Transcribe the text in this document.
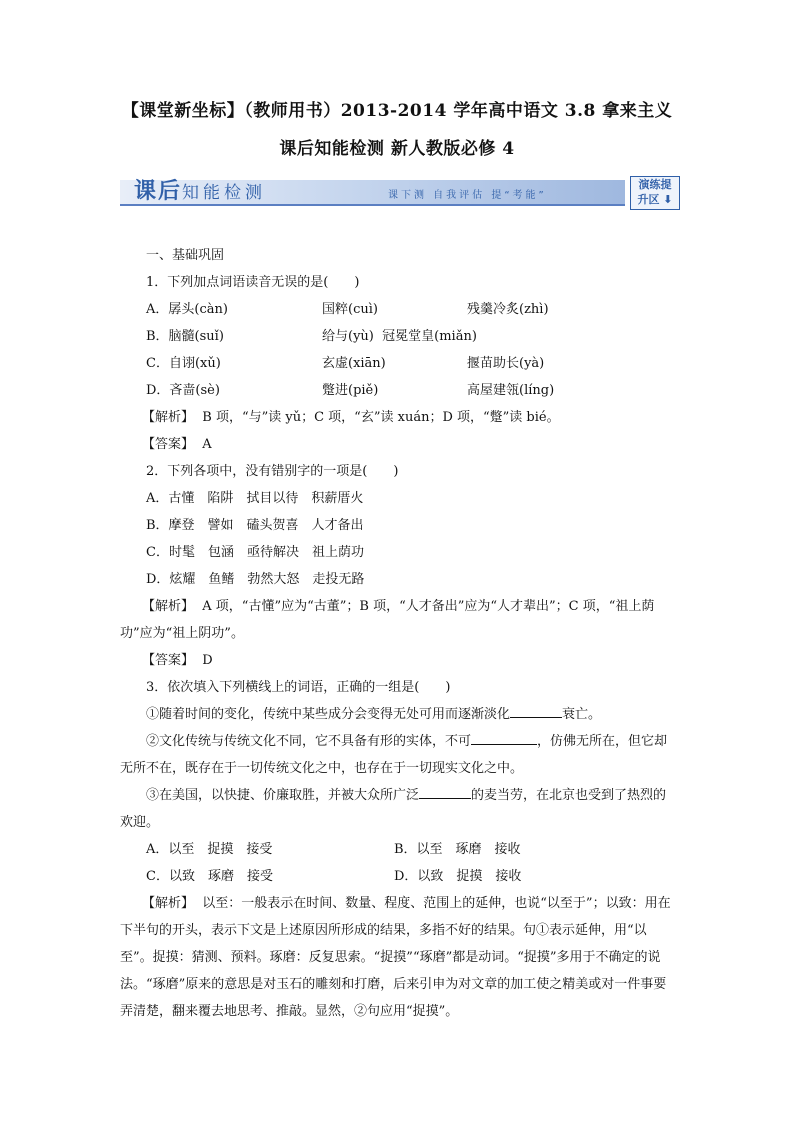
【课堂新坐标】（教师用书）2013-2014 学年高中语文 3.8 拿来主义
课后知能检测 新人教版必修 4
课后知能检测	课下测 自我评估 提“考能”
演练提
升区 ⬇
一、基础巩固
1．下列加点词语读音无误的是(　　)
A．孱头(càn)	国粹(cuì)	残羹冷炙(zhì)
B．脑髓(suǐ)	给与(yù) 冠冕堂皇(miǎn)
C．自诩(xǔ)	玄虚(xiān)	揠苗助长(yà)
D．吝啬(sè)	蹩进(piě)	高屋建瓴(líng)
【解析】 B 项，“与”读 yǔ；C 项，“玄”读 xuán；D 项，“蹩”读 bié。
【答案】 A
2．下列各项中，没有错别字的一项是(　　)
A．古懂　陷阱　拭目以待　积薪厝火
B．摩登　譬如　磕头贺喜　人才备出
C．时髦　包涵　亟待解决　祖上荫功
D．炫耀　鱼鳍　勃然大怒　走投无路
【解析】 A 项，“古懂”应为“古董”；B 项，“人才备出”应为“人才辈出”；C 项，“祖上荫功”应为“祖上阴功”。
【答案】 D
3．依次填入下列横线上的词语，正确的一组是(　　)
①随着时间的变化，传统中某些成分会变得无处可用而逐渐淡化	衰亡。
②文化传统与传统文化不同，它不具备有形的实体，不可	，仿佛无所在，但它却无所不在，既存在于一切传统文化之中，也存在于一切现实文化之中。
③在美国，以快捷、价廉取胜，并被大众所广泛	的麦当劳，在北京也受到了热烈的欢迎。
A．以至　捉摸　接受	B．以至　琢磨　接收
C．以致　琢磨　接受	D．以致　捉摸　接收
【解析】 以至：一般表示在时间、数量、程度、范围上的延伸，也说“以至于”；以致：用在下半句的开头，表示下文是上述原因所形成的结果，多指不好的结果。句①表示延伸，用“以至”。捉摸：猜测、预料。琢磨：反复思索。“捉摸”“琢磨”都是动词。“捉摸”多用于不确定的说法。“琢磨”原来的意思是对玉石的雕刻和打磨，后来引申为对文章的加工使之精美或对一件事要弄清楚，翻来覆去地思考、推敲。显然，②句应用“捉摸”。
